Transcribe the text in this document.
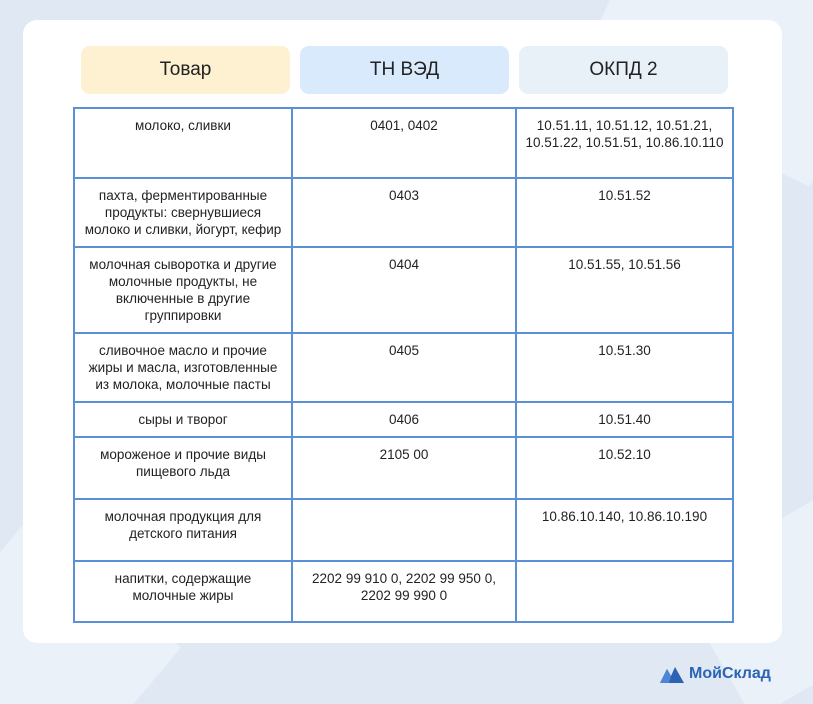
Товар	ТН ВЭД	ОКПД 2
молоко, сливки	0401, 0402	10.51.11, 10.51.12, 10.51.21, 10.51.22, 10.51.51, 10.86.10.110
пахта, ферментированные продукты: свернувшиеся молоко и сливки, йогурт, кефир	0403	10.51.52
молочная сыворотка и другие молочные продукты, не включенные в другие группировки	0404	10.51.55, 10.51.56
сливочное масло и прочие жиры и масла, изготовленные из молока, молочные пасты	0405	10.51.30
сыры и творог	0406	10.51.40
мороженое и прочие виды пищевого льда	2105 00	10.52.10
молочная продукция для детского питания		10.86.10.140, 10.86.10.190
напитки, содержащие молочные жиры	2202 99 910 0, 2202 99 950 0, 2202 99 990 0	
МойСклад
